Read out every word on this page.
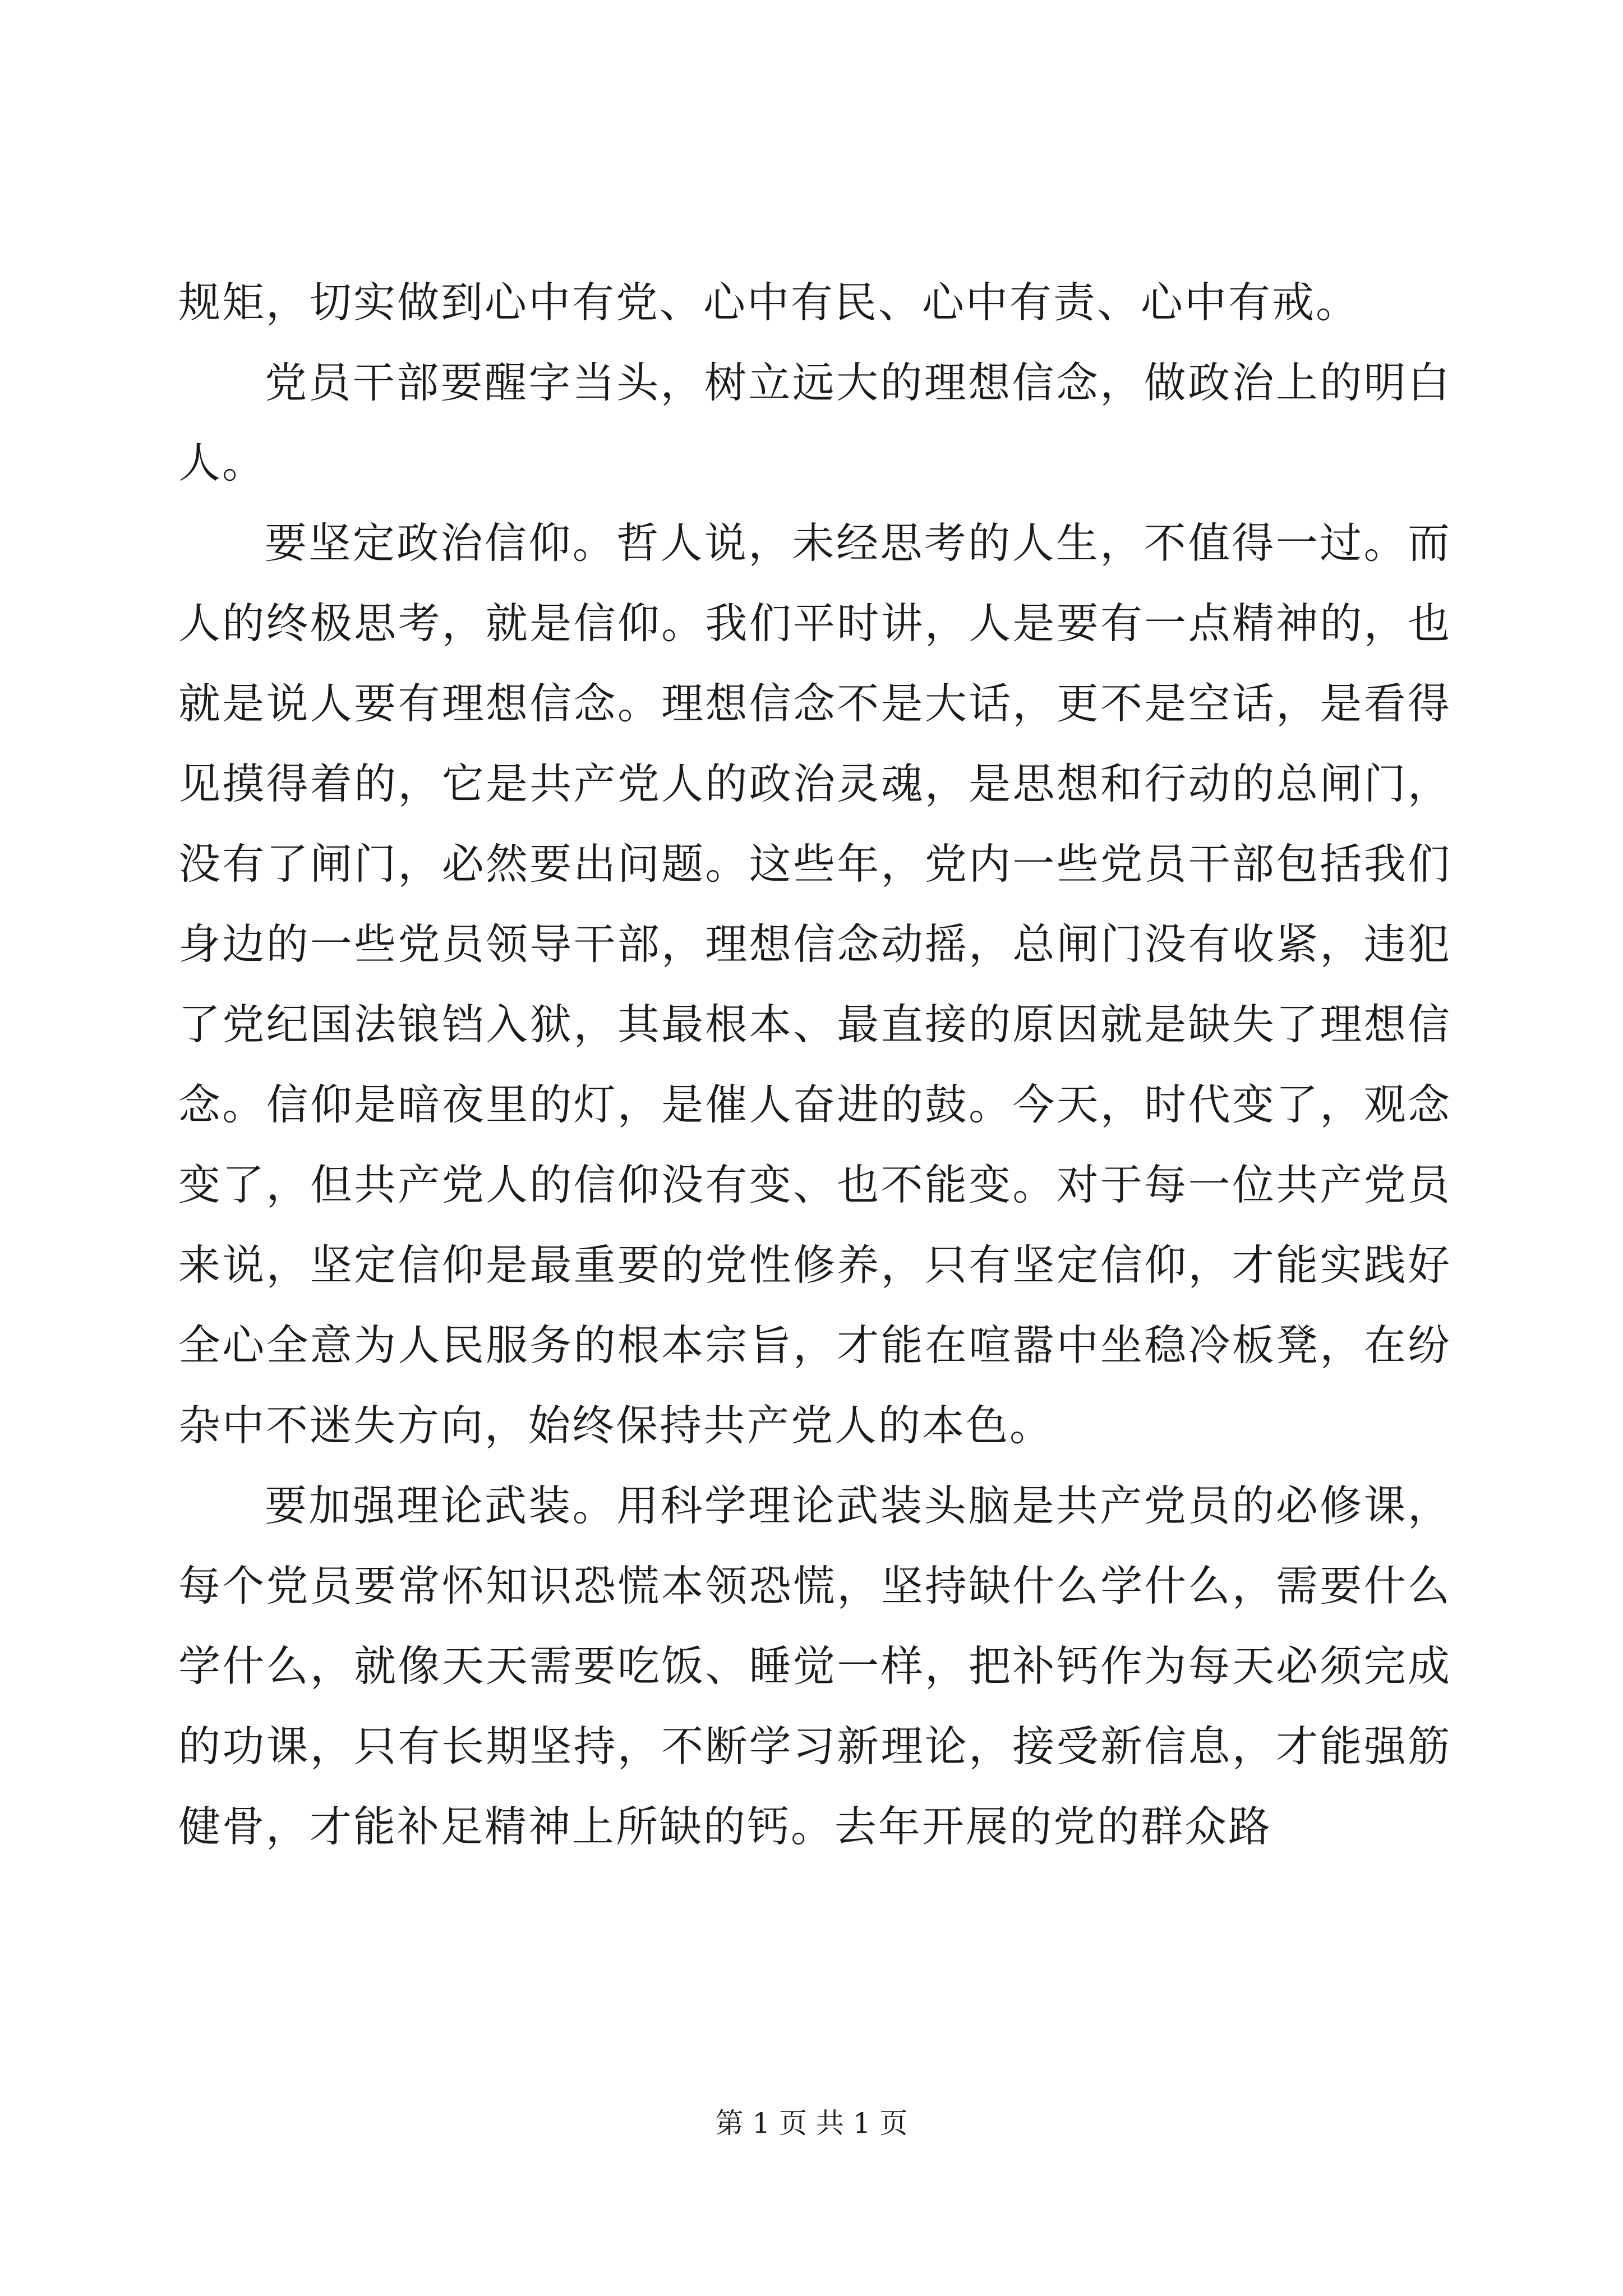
规矩，切实做到心中有党、心中有民、心中有责、心中有戒。

党员干部要醒字当头，树立远大的理想信念，做政治上的明白人。

要坚定政治信仰。哲人说，未经思考的人生，不值得一过。而人的终极思考，就是信仰。我们平时讲，人是要有一点精神的，也就是说人要有理想信念。理想信念不是大话，更不是空话，是看得见摸得着的，它是共产党人的政治灵魂，是思想和行动的总闸门，没有了闸门，必然要出问题。这些年，党内一些党员干部包括我们身边的一些党员领导干部，理想信念动摇，总闸门没有收紧，违犯了党纪国法锒铛入狱，其最根本、最直接的原因就是缺失了理想信念。信仰是暗夜里的灯，是催人奋进的鼓。今天，时代变了，观念变了，但共产党人的信仰没有变、也不能变。对于每一位共产党员来说，坚定信仰是最重要的党性修养，只有坚定信仰，才能实践好全心全意为人民服务的根本宗旨，才能在喧嚣中坐稳冷板凳，在纷杂中不迷失方向，始终保持共产党人的本色。

要加强理论武装。用科学理论武装头脑是共产党员的必修课，每个党员要常怀知识恐慌本领恐慌，坚持缺什么学什么，需要什么学什么，就像天天需要吃饭、睡觉一样，把补钙作为每天必须完成的功课，只有长期坚持，不断学习新理论，接受新信息，才能强筋健骨，才能补足精神上所缺的钙。去年开展的党的群众路

第 1 页 共 1 页
